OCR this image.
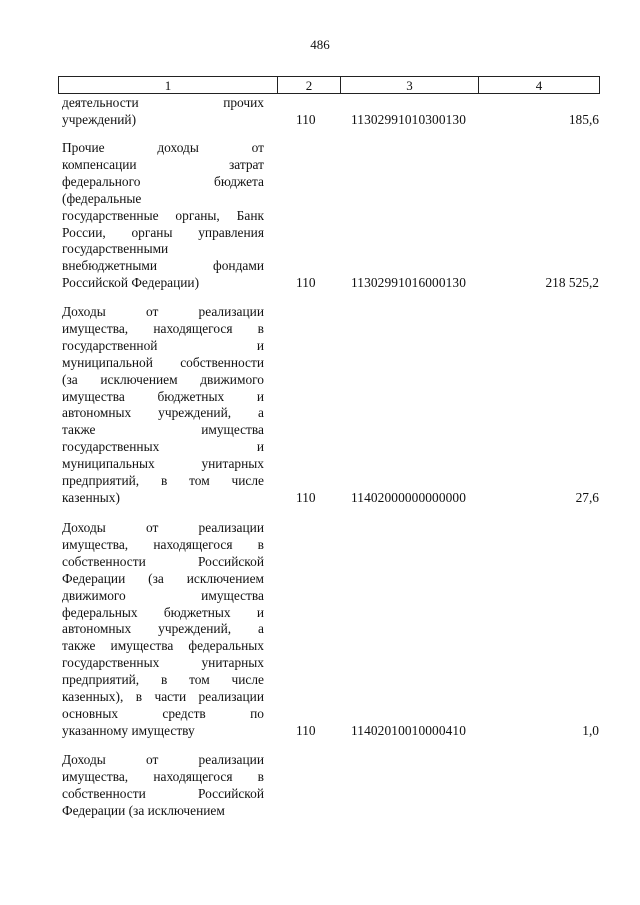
486
1	2	3	4
деятельности прочих
учреждений)	110	11302991010300130	185,6
Прочие доходы от
компенсации затрат
федерального бюджета
(федеральные
государственные органы, Банк
России, органы управления
государственными
внебюджетными фондами
Российской Федерации)	110	11302991016000130	218 525,2
Доходы от реализации
имущества, находящегося в
государственной и
муниципальной собственности
(за исключением движимого
имущества бюджетных и
автономных учреждений, а
также имущества
государственных и
муниципальных унитарных
предприятий, в том числе
казенных)	110	11402000000000000	27,6
Доходы от реализации
имущества, находящегося в
собственности Российской
Федерации (за исключением
движимого имущества
федеральных бюджетных и
автономных учреждений, а
также имущества федеральных
государственных унитарных
предприятий, в том числе
казенных), в части реализации
основных средств по
указанному имуществу	110	11402010010000410	1,0
Доходы от реализации
имущества, находящегося в
собственности Российской
Федерации (за исключением
